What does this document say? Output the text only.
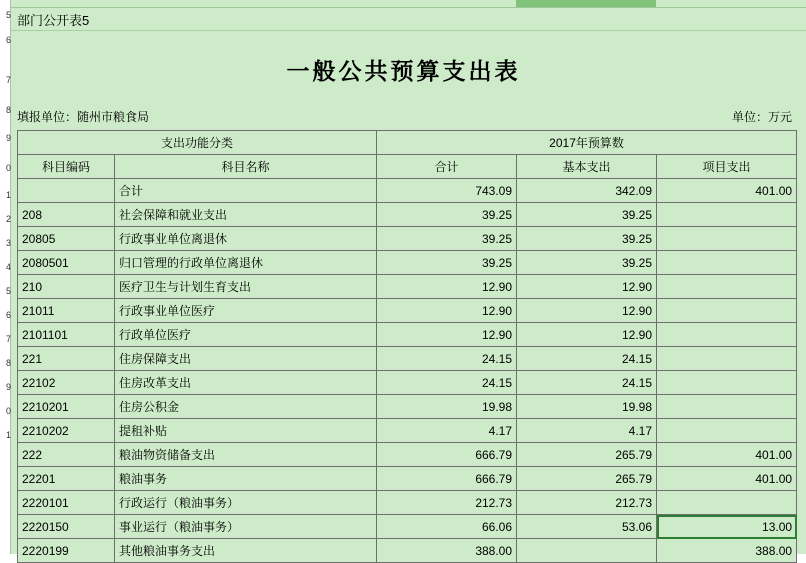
5
6
7
8
9
0
1
2
3
4
5
6
7
8
9
0
1
部门公开表5
一般公共预算支出表
填报单位：随州市粮食局	单位：万元
支出功能分类		2017年预算数		
科目编码	科目名称	合计	基本支出	项目支出
	合计	743.09	342.09	401.00
208	社会保障和就业支出	39.25	39.25	
20805	行政事业单位离退休	39.25	39.25	
2080501	归口管理的行政单位离退休	39.25	39.25	
210	医疗卫生与计划生育支出	12.90	12.90	
21011	行政事业单位医疗	12.90	12.90	
2101101	行政单位医疗	12.90	12.90	
221	住房保障支出	24.15	24.15	
22102	住房改革支出	24.15	24.15	
2210201	住房公积金	19.98	19.98	
2210202	提租补贴	4.17	4.17	
222	粮油物资储备支出	666.79	265.79	401.00
22201	粮油事务	666.79	265.79	401.00
2220101	行政运行（粮油事务）	212.73	212.73	
2220150	事业运行（粮油事务）	66.06	53.06	13.00
2220199	其他粮油事务支出	388.00		388.00
